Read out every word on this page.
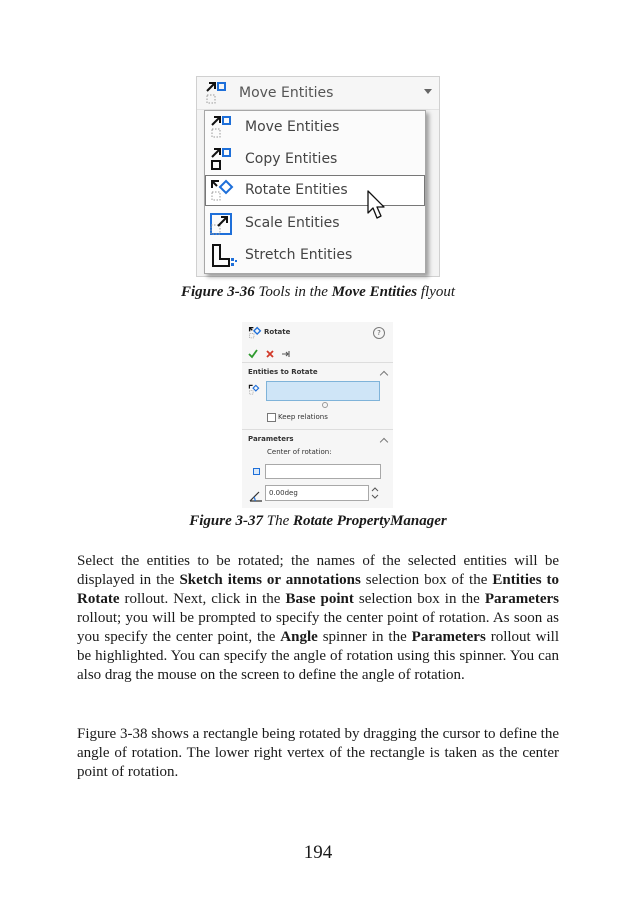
Move Entities
Move Entities
Copy Entities
Rotate Entities
Scale Entities
Stretch Entities
Figure 3-36 Tools in the Move Entities flyout
Rotate	?
Entities to Rotate
Keep relations
Parameters
Center of rotation:
0.00deg
Figure 3-37 The Rotate PropertyManager

Select the entities to be rotated; the names of the selected entities will be displayed in the Sketch items or annotations selection box of the Entities to Rotate rollout. Next, click in the Base point selection box in the Parameters rollout; you will be prompted to specify the center point of rotation. As soon as you specify the center point, the Angle spinner in the Parameters rollout will be highlighted. You can specify the angle of rotation using this spinner. You can also drag the mouse on the screen to define the angle of rotation.

Figure 3-38 shows a rectangle being rotated by dragging the cursor to define the angle of rotation. The lower right vertex of the rectangle is taken as the center point of rotation.

194
